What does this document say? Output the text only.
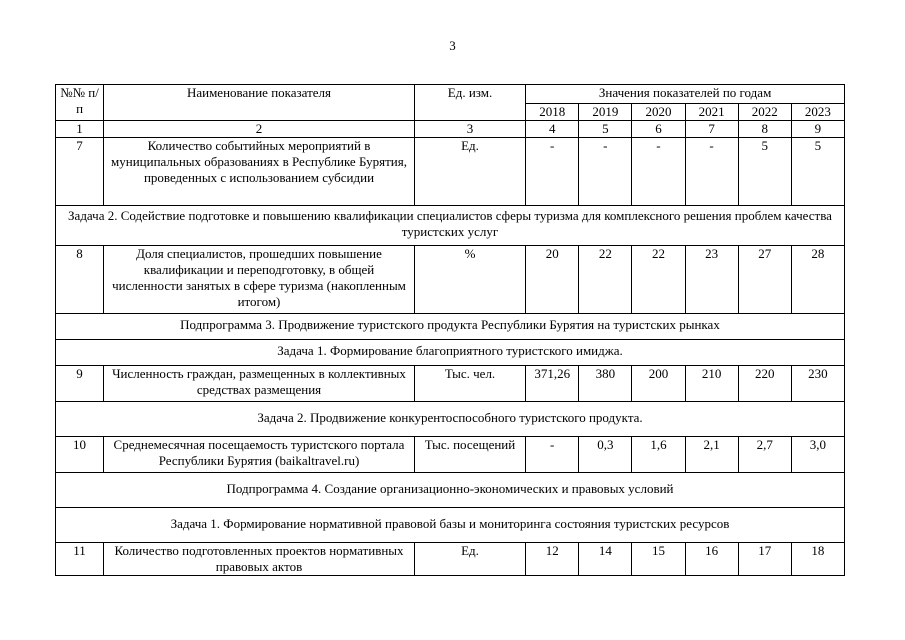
3
№№ п/п	Наименование показателя	Ед. изм.	Значения показателей по годам					
			2018	2019	2020	2021	2022	2023
1	2	3	4	5	6	7	8	9
7	Количество событийных мероприятий в муниципальных образованиях в Республике Бурятия, проведенных с использованием субсидии	Ед.	-	-	-	-	5	5
Задача 2. Содействие подготовке и повышению квалификации специалистов сферы туризма для комплексного решения проблем качества туристских услуг								
8	Доля специалистов, прошедших повышение квалификации и переподготовку, в общей численности занятых в сфере туризма (накопленным итогом)	%	20	22	22	23	27	28
Подпрограмма 3. Продвижение туристского продукта Республики Бурятия на туристских рынках								
Задача 1. Формирование благоприятного туристского имиджа.								
9	Численность граждан, размещенных в коллективных средствах размещения	Тыс. чел.	371,26	380	200	210	220	230
Задача 2. Продвижение конкурентоспособного туристского продукта.								
10	Среднемесячная посещаемость туристского портала Республики Бурятия (baikaltravel.ru)	Тыс. посещений	-	0,3	1,6	2,1	2,7	3,0
Подпрограмма 4. Создание организационно-экономических и правовых условий								
Задача 1. Формирование нормативной правовой базы и мониторинга состояния туристских ресурсов								
11	Количество подготовленных проектов нормативных правовых актов	Ед.	12	14	15	16	17	18
